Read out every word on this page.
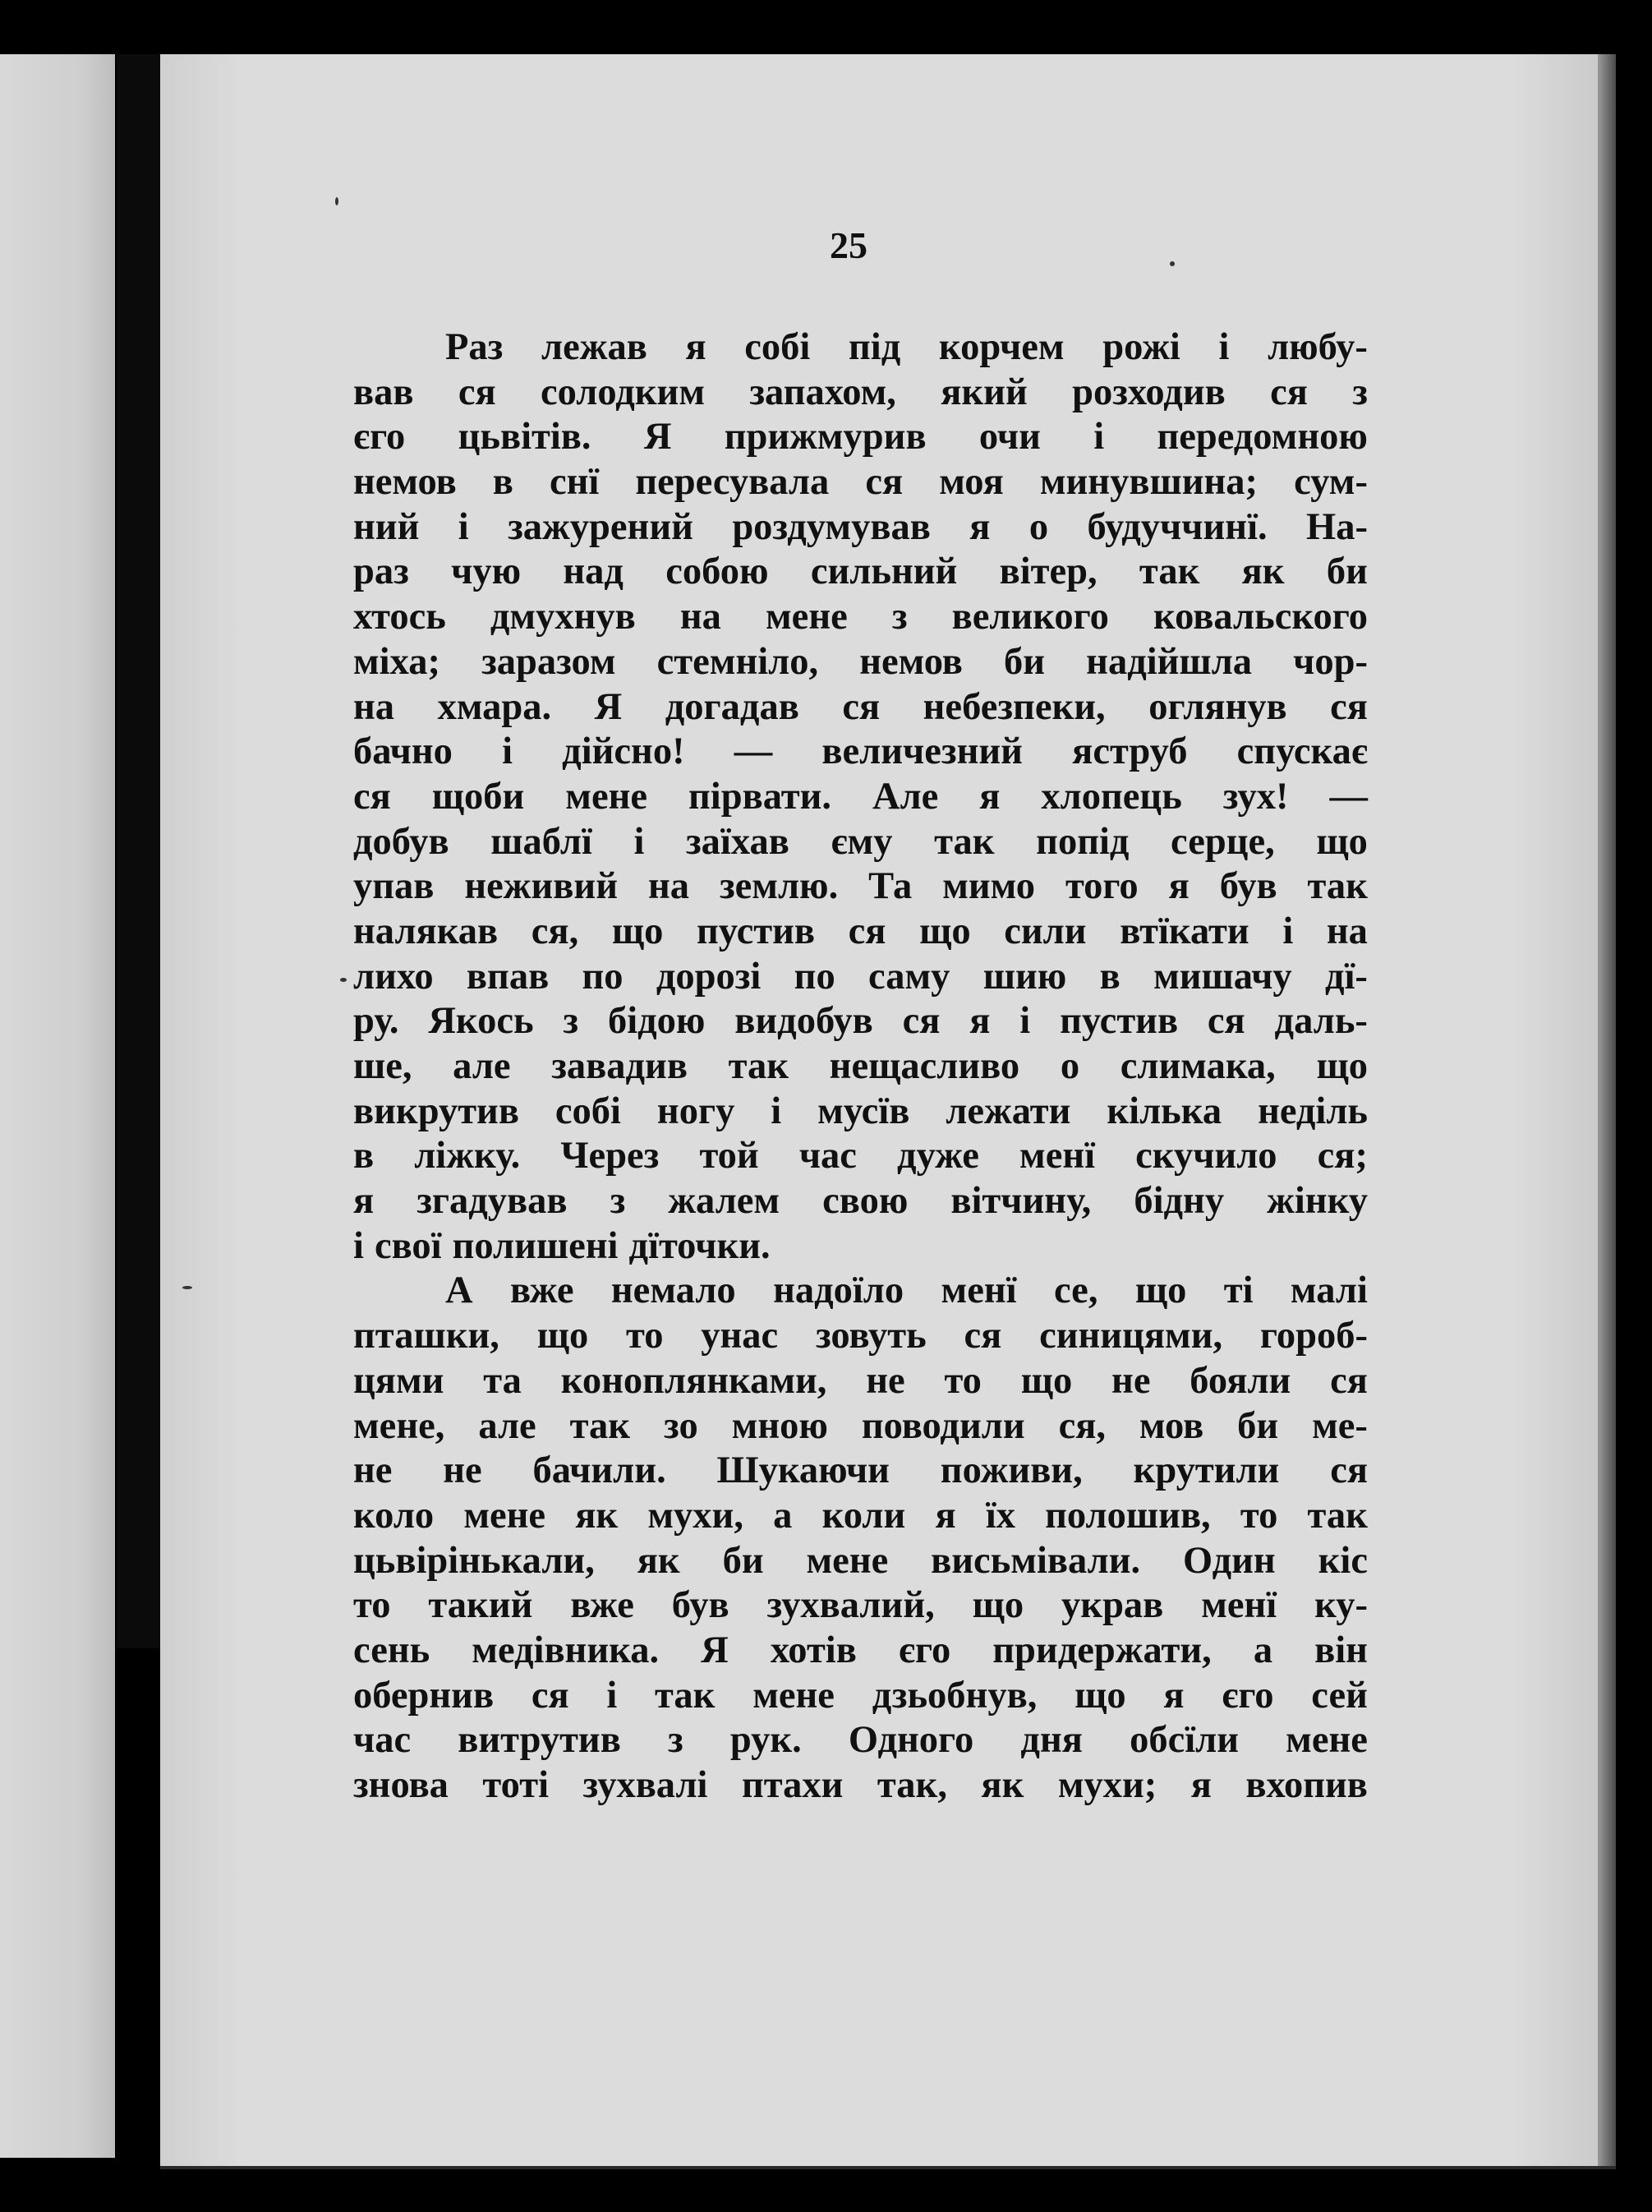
25
Раз лежав я собі під корчем рожі і любу-
вав ся солодким запахом, який розходив ся з
єго цьвітів. Я прижмурив очи і передомною
немов в снї пересувала ся моя минувшина; сум-
ний і зажурений роздумував я о будуччинї. На-
раз чую над собою сильний вітер, так як би
хтось дмухнув на мене з великого ковальского
міха; заразом стемніло, немов би надійшла чор-
на хмара. Я догадав ся небезпеки, оглянув ся
бачно і дійсно! — величезний яструб спускає
ся щоби мене пірвати. Але я хлопець зух! —
добув шаблї і заїхав єму так попід серце, що
упав неживий на землю. Та мимо того я був так
налякав ся, що пустив ся що сили втїкати і на
лихо впав по дорозі по саму шию в мишачу дї-
ру. Якось з бідою видобув ся я і пустив ся даль-
ше, але завадив так нещасливо о слимака, що
викрутив собі ногу і мусїв лежати кілька неділь
в ліжку. Через той час дуже менї скучило ся;
я згадував з жалем свою вітчину, бідну жінку
і свої полишені дїточки.
А вже немало надоїло менї се, що ті малі
пташки, що то унас зовуть ся синицями, гороб-
цями та коноплянками, не то що не бояли ся
мене, але так зо мною поводили ся, мов би ме-
не не бачили. Шукаючи поживи, крутили ся
коло мене як мухи, а коли я їх полошив, то так
цьвірінькали, як би мене висьмівали. Один кіс
то такий вже був зухвалий, що украв менї ку-
сень медівника. Я хотів єго придержати, а він
обернив ся і так мене дзьобнув, що я єго сей
час витрутив з рук. Одного дня обсїли мене
знова тоті зухвалі птахи так, як мухи; я вхопив
